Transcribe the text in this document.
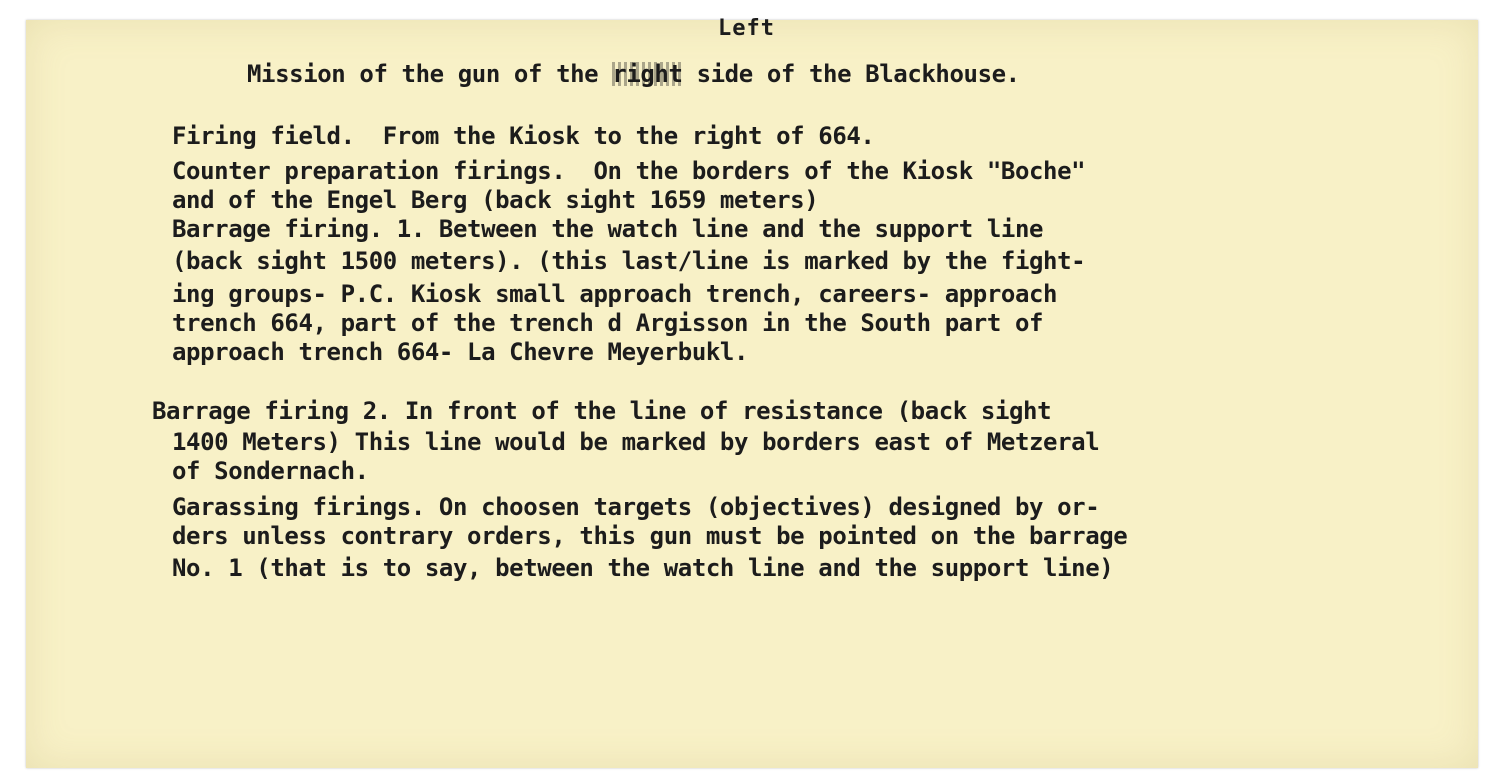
Left
Mission of the gun of the right side of the Blackhouse.
Firing field.  From the Kiosk to the right of 664.
Counter preparation firings.  On the borders of the Kiosk "Boche"
and of the Engel Berg (back sight 1659 meters)
Barrage firing. 1. Between the watch line and the support line
(back sight 1500 meters). (this last/line is marked by the fight-
ing groups- P.C. Kiosk small approach trench, careers- approach
trench 664, part of the trench d Argisson in the South part of
approach trench 664- La Chevre Meyerbukl.
Barrage firing 2. In front of the line of resistance (back sight
1400 Meters) This line would be marked by borders east of Metzeral
of Sondernach.
Garassing firings. On choosen targets (objectives) designed by or-
ders unless contrary orders, this gun must be pointed on the barrage
No. 1 (that is to say, between the watch line and the support line)
